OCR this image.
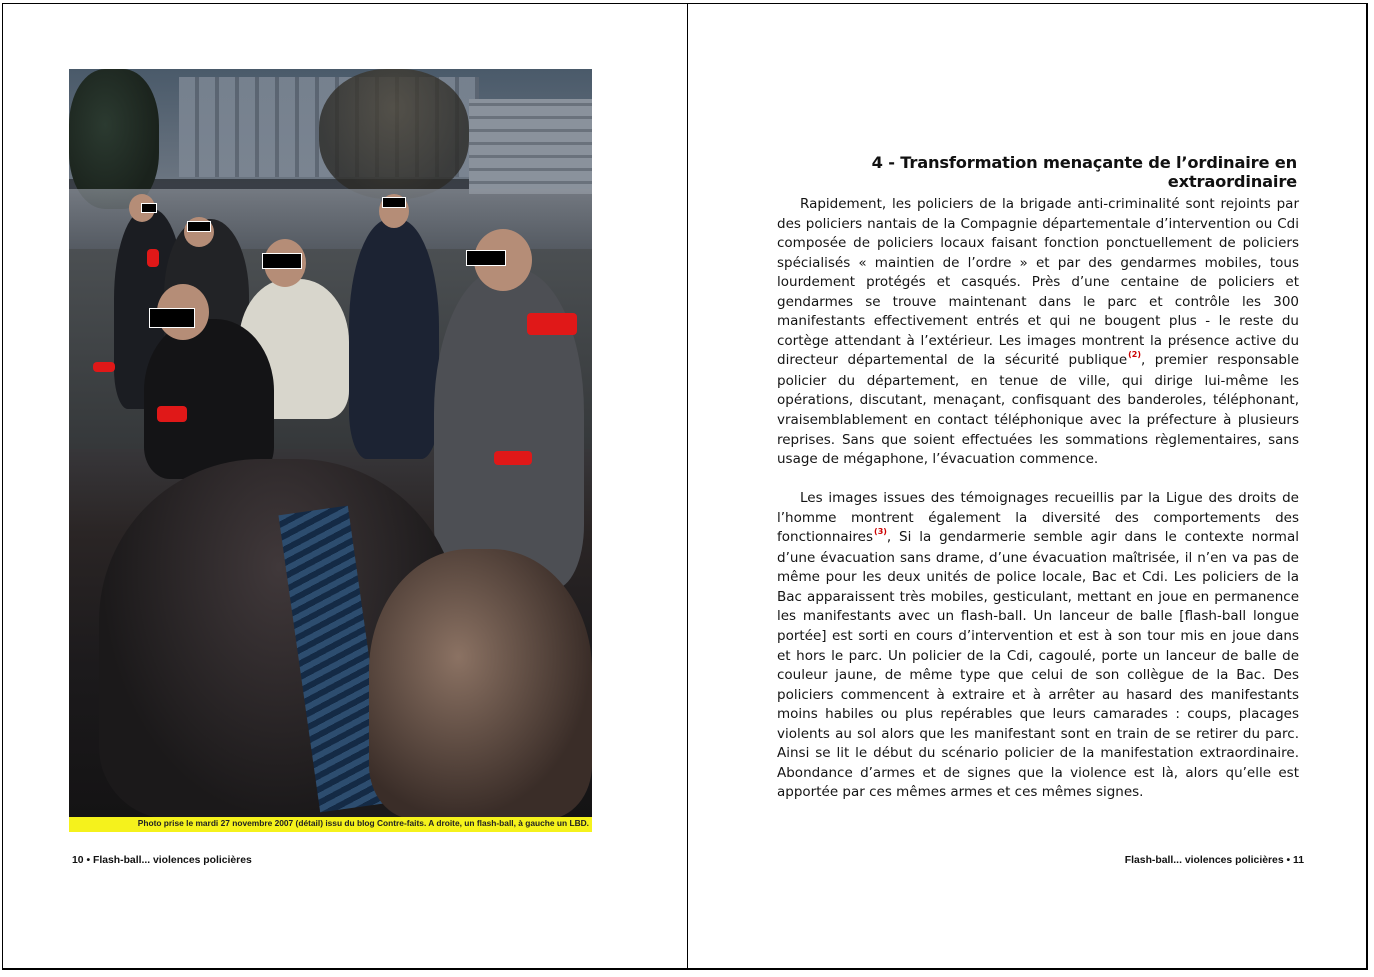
Photo prise le mardi 27 novembre 2007 (détail) issu du blog Contre-faits. A droite, un flash-ball, à gauche un LBD.
10 • Flash-ball... violences policières
4 - Transformation menaçante de l’ordinaire en extraordinaire

Rapidement, les policiers de la brigade anti-criminalité sont rejoints par des policiers nantais de la Compagnie départementale d’intervention ou Cdi composée de policiers locaux faisant fonction ponctuellement de policiers spécialisés « maintien de l’ordre » et par des gendarmes mobiles, tous lourdement protégés et casqués. Près d’une centaine de policiers et gendarmes se trouve maintenant dans le parc et contrôle les 300 manifestants effectivement entrés et qui ne bougent plus - le reste du cortège attendant à l’extérieur. Les images montrent la présence active du directeur départemental de la sécurité publique$^{(2)}$, premier responsable policier du département, en tenue de ville, qui dirige lui-même les opérations, discutant, menaçant, confisquant des banderoles, téléphonant, vraisemblablement en contact téléphonique avec la préfecture à plusieurs reprises. Sans que soient effectuées les sommations règlementaires, sans usage de mégaphone, l’évacuation commence.

Les images issues des témoignages recueillis par la Ligue des droits de l’homme montrent également la diversité des comportements des fonctionnaires$^{(3)}$, Si la gendarmerie semble agir dans le contexte normal d’une évacuation sans drame, d’une évacuation maîtrisée, il n’en va pas de même pour les deux unités de police locale, Bac et Cdi. Les policiers de la Bac apparaissent très mobiles, gesticulant, mettant en joue en permanence les manifestants avec un flash-ball. Un lanceur de balle [flash-ball longue portée] est sorti en cours d’intervention et est à son tour mis en joue dans et hors le parc. Un policier de la Cdi, cagoulé, porte un lanceur de balle de couleur jaune, de même type que celui de son collègue de la Bac. Des policiers commencent à extraire et à arrêter au hasard des manifestants moins habiles ou plus repérables que leurs camarades : coups, placages violents au sol alors que les manifestant sont en train de se retirer du parc. Ainsi se lit le début du scénario policier de la manifestation extraordinaire. Abondance d’armes et de signes que la violence est là, alors qu’elle est apportée par ces mêmes armes et ces mêmes signes.

Flash-ball... violences policières • 11
